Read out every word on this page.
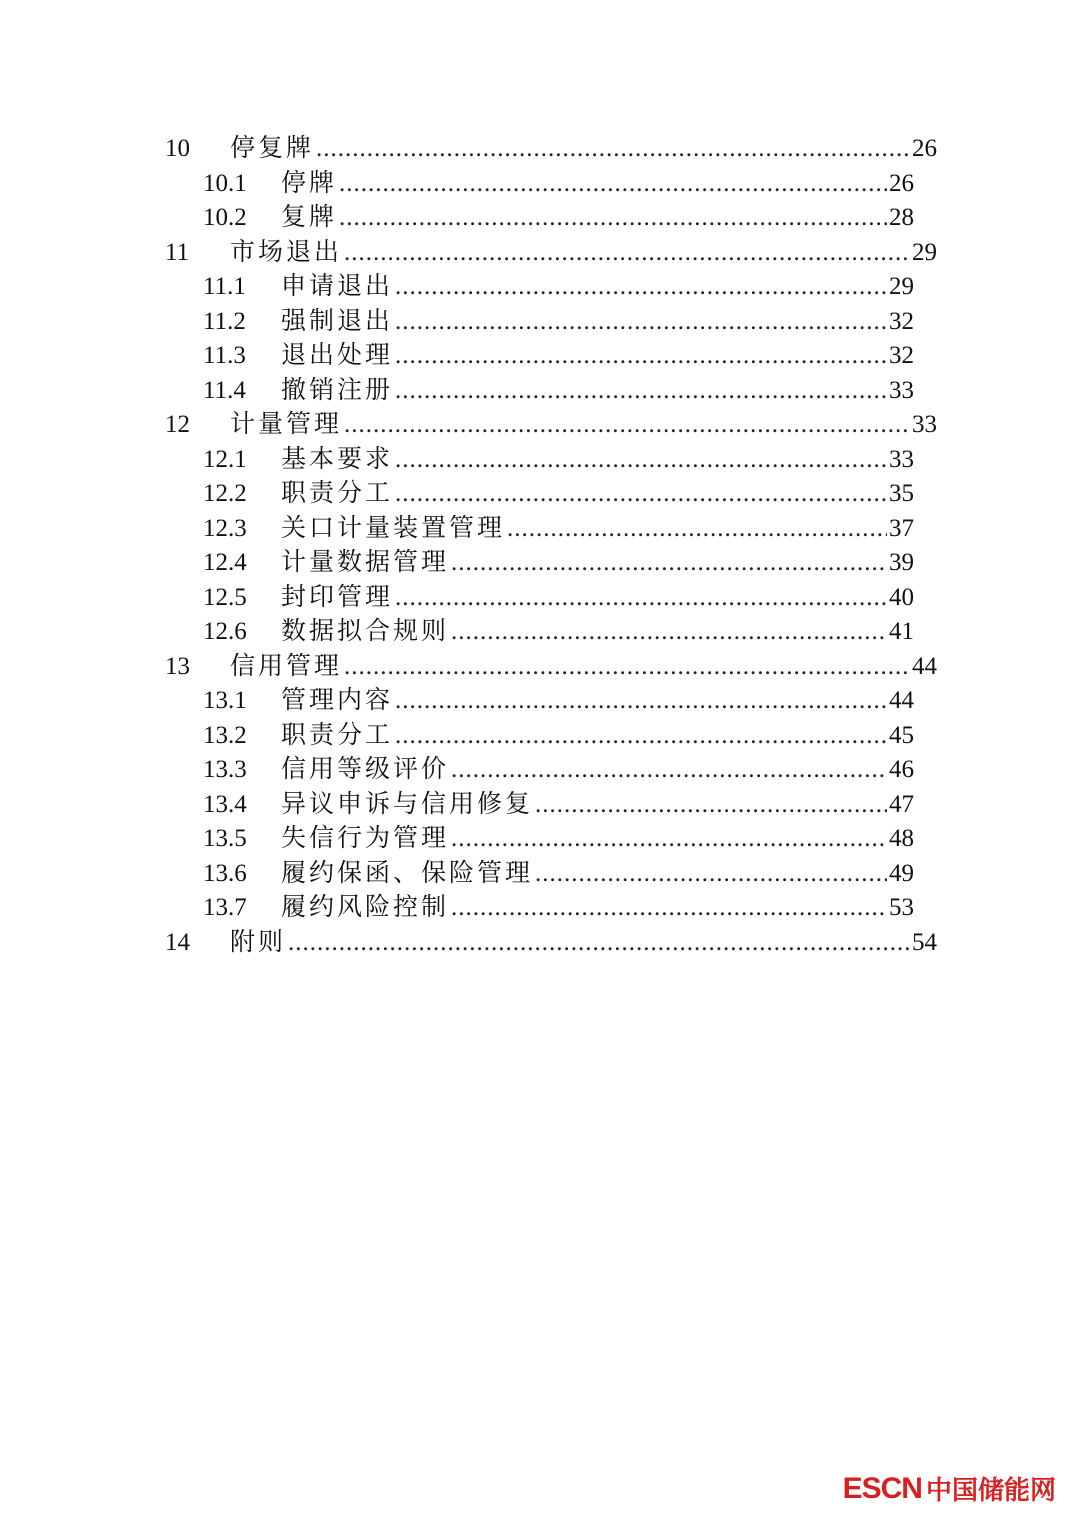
10	停复牌 .....	26
10.1	停牌 .....	26
10.2	复牌 .....	28
11	市场退出 .....	29
11.1	申请退出 .....	29
11.2	强制退出 .....	32
11.3	退出处理 .....	32
11.4	撤销注册 .....	33
12	计量管理 .....	33
12.1	基本要求 .....	33
12.2	职责分工 .....	35
12.3	关口计量装置管理 .....	37
12.4	计量数据管理 .....	39
12.5	封印管理 .....	40
12.6	数据拟合规则 .....	41
13	信用管理 .....	44
13.1	管理内容 .....	44
13.2	职责分工 .....	45
13.3	信用等级评价 .....	46
13.4	异议申诉与信用修复 .....	47
13.5	失信行为管理 .....	48
13.6	履约保函、保险管理 .....	49
13.7	履约风险控制 .....	53
14	附则 .....	54
ESCN 中国储能网
